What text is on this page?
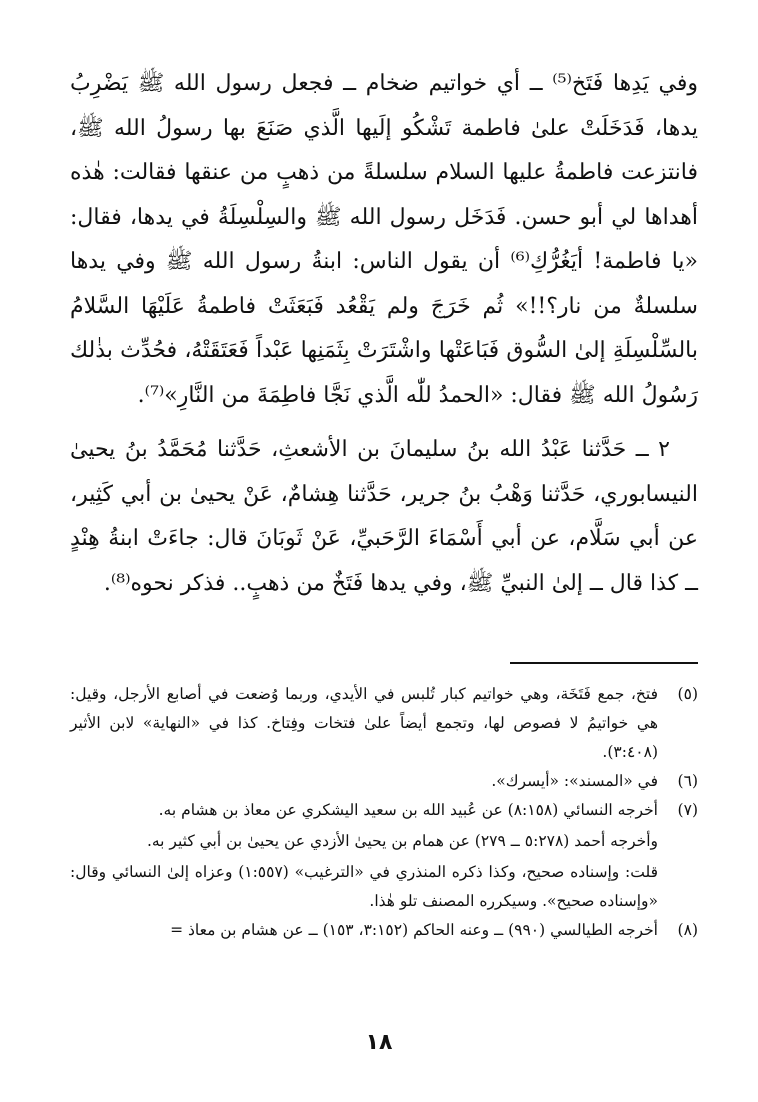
وفي يَدِها فَتَخ⁽⁵⁾ ــ أي خواتيم ضخام ــ فجعل رسول الله ﷺ يَضْرِبُ يدها، فَدَخَلَتْ علىٰ فاطمة تَشْكُو إلَيها الَّذي صَنَعَ بها رسولُ الله ﷺ، فانتزعت فاطمةُ عليها السلام سلسلةً من ذهبٍ من عنقها فقالت: هٰذه أهداها لي أبو حسن. فَدَخَل رسول الله ﷺ والسِلْسِلَةُ في يدها، فقال: «يا فاطمة! أيَغُرُّكِ⁽⁶⁾ أن يقول الناس: ابنةُ رسول الله ﷺ وفي يدها سلسلةٌ من نار؟!!» ثُم خَرَجَ ولم يَقْعُد فَبَعَثَتْ فاطمةُ عَلَيْهَا السَّلامُ بالسِّلْسِلَةِ إلىٰ السُّوق فَبَاعَتْها واشْتَرَتْ بِثَمَنِها عَبْداً فَعَتَقَتْهُ، فحُدِّث بذٰلك رَسُولُ الله ﷺ فقال: «الحمدُ للّٰه الَّذي نَجَّا فاطِمَةَ من النَّارِ»⁽⁷⁾.

٢ ــ حَدَّثنا عَبْدُ الله بنُ سليمانَ بن الأشعثِ، حَدَّثنا مُحَمَّدُ بنُ يحيىٰ النيسابوري، حَدَّثنا وَهْبُ بنُ جرير، حَدَّثنا هِشامٌ، عَنْ يحيىٰ بن أبي كَثِير، عن أبي سَلَّام، عن أبي أَسْمَاءَ الرَّحَبيِّ، عَنْ ثَوبَانَ قال: جاءَتْ ابنةُ هِنْدٍ ــ كذا قال ــ إلىٰ النبيِّ ﷺ، وفي يدها فَتَخٌ من ذهبٍ.. فذكر نحوه⁽⁸⁾.

(٥)

فتخ، جمع فَتَخَة، وهي خواتيم كبار تُلبس في الأيدي، وربما وُضعت في أصابع الأرجل، وقيل: هي خواتيمُ لا فصوص لها، وتجمع أيضاً علىٰ فتخات وفِتاخ. كذا في «النهاية» لابن الأثير (٣:٤٠٨).

(٦)

في «المسند»: «أيسرك».

(٧)

أخرجه النسائي (٨:١٥٨) عن عُبيد الله بن سعيد اليشكري عن معاذ بن هشام به.

وأخرجه أحمد (٥:٢٧٨ ــ ٢٧٩) عن همام بن يحيىٰ الأزدي عن يحيىٰ بن أبي كثير به.

قلت: وإسناده صحيح، وكذا ذكره المنذري في «الترغيب» (١:٥٥٧) وعزاه إلىٰ النسائي وقال: «وإسناده صحيح». وسيكرره المصنف تلو هٰذا.

(٨)

أخرجه الطيالسي (٩٩٠) ــ وعنه الحاكم (٣:١٥٢، ١٥٣) ــ عن هشام بن معاذ =

١٨
